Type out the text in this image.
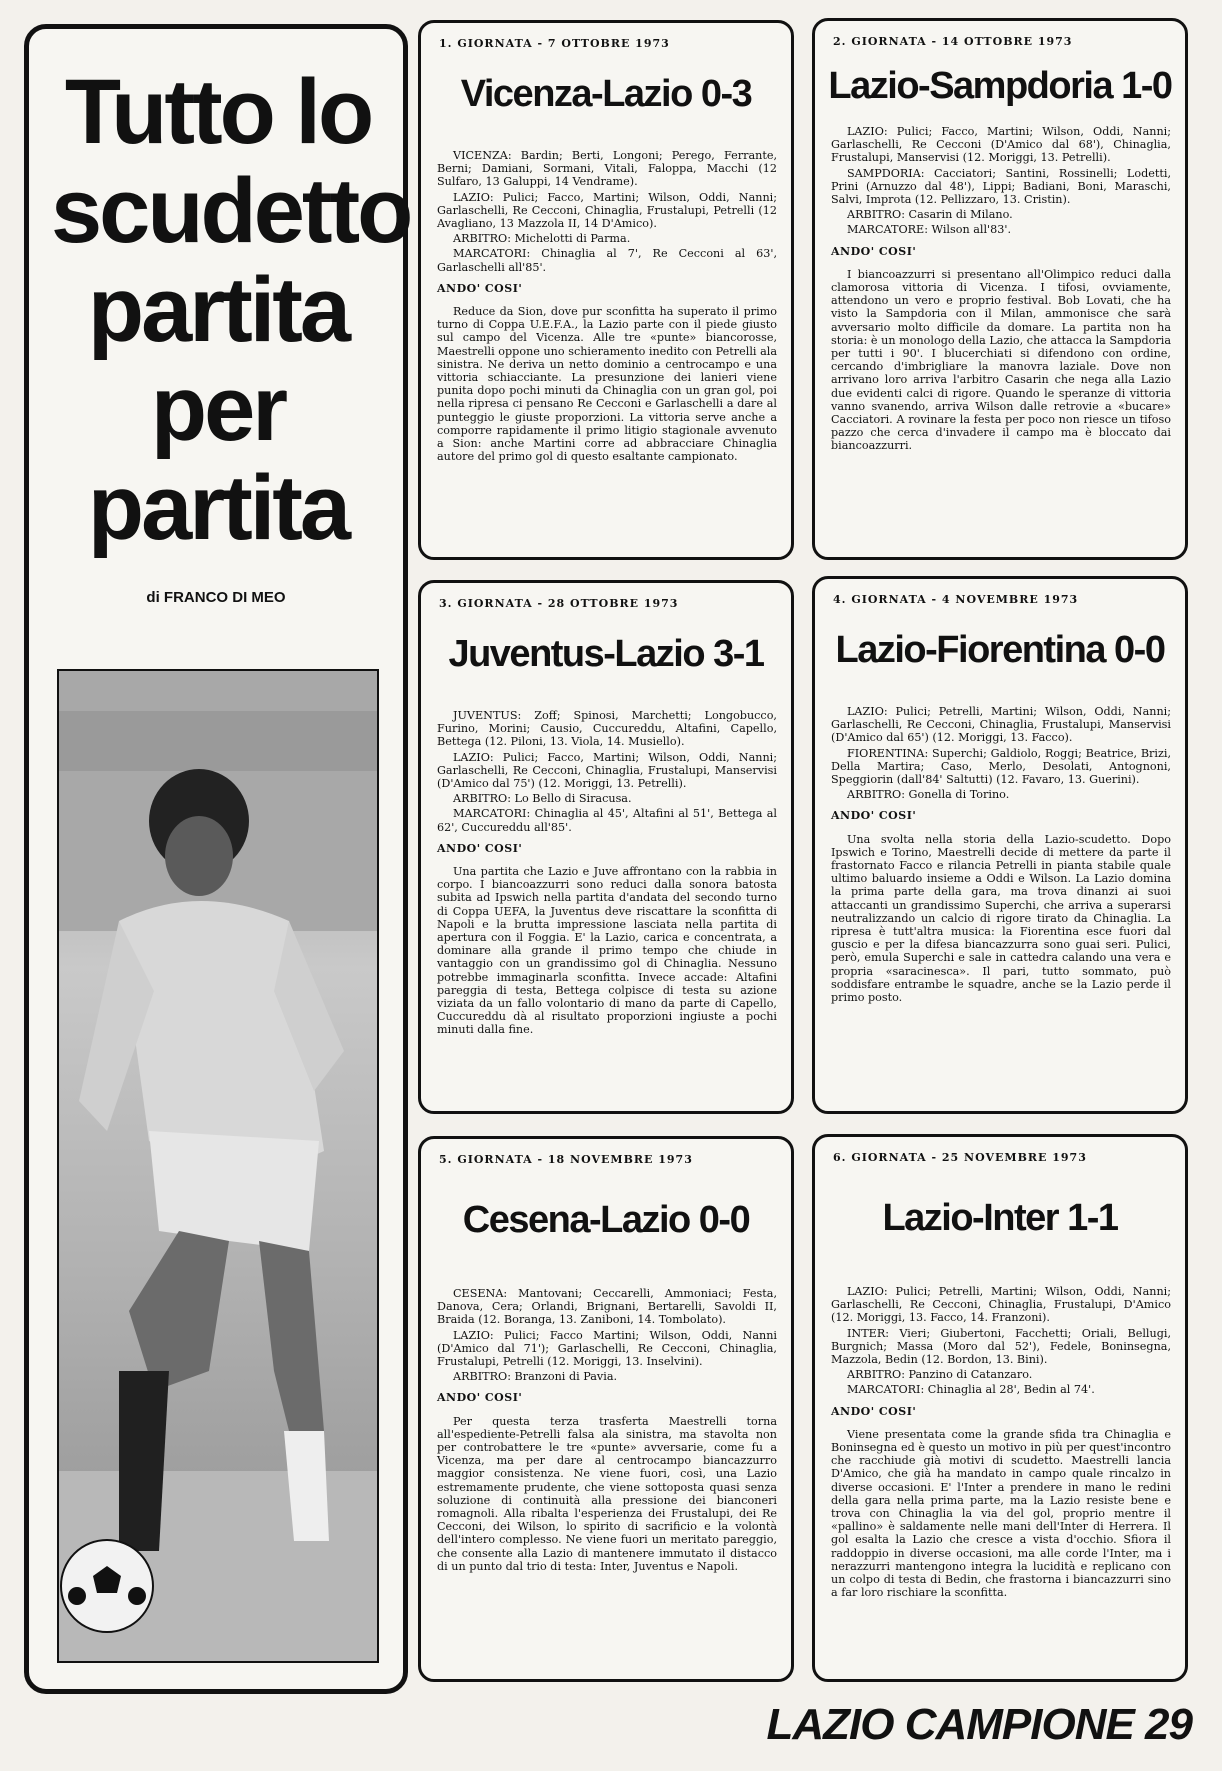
Tutto lo
scudetto
partita
per
partita
di FRANCO DI MEO
1. GIORNATA - 7 OTTOBRE 1973
Vicenza-Lazio 0-3

VICENZA: Bardin; Berti, Longoni; Perego, Ferrante, Berni; Damiani, Sormani, Vitali, Faloppa, Macchi (12 Sulfaro, 13 Galuppi, 14 Vendrame).

LAZIO: Pulici; Facco, Martini; Wilson, Oddi, Nanni; Garlaschelli, Re Cecconi, Chinaglia, Frustalupi, Petrelli (12 Avagliano, 13 Mazzola II, 14 D'Amico).

ARBITRO: Michelotti di Parma.

MARCATORI: Chinaglia al 7', Re Cecconi al 63', Garlaschelli all'85'.

ANDO' COSI'

Reduce da Sion, dove pur sconfitta ha superato il primo turno di Coppa U.E.F.A., la Lazio parte con il piede giusto sul campo del Vicenza. Alle tre «punte» biancorosse, Maestrelli oppone uno schieramento inedito con Petrelli ala sinistra. Ne deriva un netto dominio a centrocampo e una vittoria schiacciante. La presunzione dei lanieri viene punita dopo pochi minuti da Chinaglia con un gran gol, poi nella ripresa ci pensano Re Cecconi e Garlaschelli a dare al punteggio le giuste proporzioni. La vittoria serve anche a comporre rapidamente il primo litigio stagionale avvenuto a Sion: anche Martini corre ad abbracciare Chinaglia autore del primo gol di questo esaltante campionato.

2. GIORNATA - 14 OTTOBRE 1973
Lazio-Sampdoria 1-0

LAZIO: Pulici; Facco, Martini; Wilson, Oddi, Nanni; Garlaschelli, Re Cecconi (D'Amico dal 68'), Chinaglia, Frustalupi, Manservisi (12. Moriggi, 13. Petrelli).

SAMPDORIA: Cacciatori; Santini, Rossinelli; Lodetti, Prini (Arnuzzo dal 48'), Lippi; Badiani, Boni, Maraschi, Salvi, Improta (12. Pellizzaro, 13. Cristin).

ARBITRO: Casarin di Milano.

MARCATORE: Wilson all'83'.

ANDO' COSI'

I biancoazzurri si presentano all'Olimpico reduci dalla clamorosa vittoria di Vicenza. I tifosi, ovviamente, attendono un vero e proprio festival. Bob Lovati, che ha visto la Sampdoria con il Milan, ammonisce che sarà avversario molto difficile da domare. La partita non ha storia: è un monologo della Lazio, che attacca la Sampdoria per tutti i 90'. I blucerchiati si difendono con ordine, cercando d'imbrigliare la manovra laziale. Dove non arrivano loro arriva l'arbitro Casarin che nega alla Lazio due evidenti calci di rigore. Quando le speranze di vittoria vanno svanendo, arriva Wilson dalle retrovie a «bucare» Cacciatori. A rovinare la festa per poco non riesce un tifoso pazzo che cerca d'invadere il campo ma è bloccato dai biancoazzurri.

3. GIORNATA - 28 OTTOBRE 1973
Juventus-Lazio 3-1

JUVENTUS: Zoff; Spinosi, Marchetti; Longobucco, Furino, Morini; Causio, Cuccureddu, Altafini, Capello, Bettega (12. Piloni, 13. Viola, 14. Musiello).

LAZIO: Pulici; Facco, Martini; Wilson, Oddi, Nanni; Garlaschelli, Re Cecconi, Chinaglia, Frustalupi, Manservisi (D'Amico dal 75') (12. Moriggi, 13. Petrelli).

ARBITRO: Lo Bello di Siracusa.

MARCATORI: Chinaglia al 45', Altafini al 51', Bettega al 62', Cuccureddu all'85'.

ANDO' COSI'

Una partita che Lazio e Juve affrontano con la rabbia in corpo. I biancoazzurri sono reduci dalla sonora batosta subita ad Ipswich nella partita d'andata del secondo turno di Coppa UEFA, la Juventus deve riscattare la sconfitta di Napoli e la brutta impressione lasciata nella partita di apertura con il Foggia. E' la Lazio, carica e concentrata, a dominare alla grande il primo tempo che chiude in vantaggio con un grandissimo gol di Chinaglia. Nessuno potrebbe immaginarla sconfitta. Invece accade: Altafini pareggia di testa, Bettega colpisce di testa su azione viziata da un fallo volontario di mano da parte di Capello, Cuccureddu dà al risultato proporzioni ingiuste a pochi minuti dalla fine.

4. GIORNATA - 4 NOVEMBRE 1973
Lazio-Fiorentina 0-0

LAZIO: Pulici; Petrelli, Martini; Wilson, Oddi, Nanni; Garlaschelli, Re Cecconi, Chinaglia, Frustalupi, Manservisi (D'Amico dal 65') (12. Moriggi, 13. Facco).

FIORENTINA: Superchi; Galdiolo, Roggi; Beatrice, Brizi, Della Martira; Caso, Merlo, Desolati, Antognoni, Speggiorin (dall'84' Saltutti) (12. Favaro, 13. Guerini).

ARBITRO: Gonella di Torino.

ANDO' COSI'

Una svolta nella storia della Lazio-scudetto. Dopo Ipswich e Torino, Maestrelli decide di mettere da parte il frastornato Facco e rilancia Petrelli in pianta stabile quale ultimo baluardo insieme a Oddi e Wilson. La Lazio domina la prima parte della gara, ma trova dinanzi ai suoi attaccanti un grandissimo Superchi, che arriva a superarsi neutralizzando un calcio di rigore tirato da Chinaglia. La ripresa è tutt'altra musica: la Fiorentina esce fuori dal guscio e per la difesa biancazzurra sono guai seri. Pulici, però, emula Superchi e sale in cattedra calando una vera e propria «saracinesca». Il pari, tutto sommato, può soddisfare entrambe le squadre, anche se la Lazio perde il primo posto.

5. GIORNATA - 18 NOVEMBRE 1973
Cesena-Lazio 0-0

CESENA: Mantovani; Ceccarelli, Ammoniaci; Festa, Danova, Cera; Orlandi, Brignani, Bertarelli, Savoldi II, Braida (12. Boranga, 13. Zaniboni, 14. Tombolato).

LAZIO: Pulici; Facco Martini; Wilson, Oddi, Nanni (D'Amico dal 71'); Garlaschelli, Re Cecconi, Chinaglia, Frustalupi, Petrelli (12. Moriggi, 13. Inselvini).

ARBITRO: Branzoni di Pavia.

ANDO' COSI'

Per questa terza trasferta Maestrelli torna all'espediente-Petrelli falsa ala sinistra, ma stavolta non per controbattere le tre «punte» avversarie, come fu a Vicenza, ma per dare al centrocampo biancazzurro maggior consistenza. Ne viene fuori, così, una Lazio estremamente prudente, che viene sottoposta quasi senza soluzione di continuità alla pressione dei bianconeri romagnoli. Alla ribalta l'esperienza dei Frustalupi, dei Re Cecconi, dei Wilson, lo spirito di sacrificio e la volontà dell'intero complesso. Ne viene fuori un meritato pareggio, che consente alla Lazio di mantenere immutato il distacco di un punto dal trio di testa: Inter, Juventus e Napoli.

6. GIORNATA - 25 NOVEMBRE 1973
Lazio-Inter 1-1

LAZIO: Pulici; Petrelli, Martini; Wilson, Oddi, Nanni; Garlaschelli, Re Cecconi, Chinaglia, Frustalupi, D'Amico (12. Moriggi, 13. Facco, 14. Franzoni).

INTER: Vieri; Giubertoni, Facchetti; Oriali, Bellugi, Burgnich; Massa (Moro dal 52'), Fedele, Boninsegna, Mazzola, Bedin (12. Bordon, 13. Bini).

ARBITRO: Panzino di Catanzaro.

MARCATORI: Chinaglia al 28', Bedin al 74'.

ANDO' COSI'

Viene presentata come la grande sfida tra Chinaglia e Boninsegna ed è questo un motivo in più per quest'incontro che racchiude già motivi di scudetto. Maestrelli lancia D'Amico, che già ha mandato in campo quale rincalzo in diverse occasioni. E' l'Inter a prendere in mano le redini della gara nella prima parte, ma la Lazio resiste bene e trova con Chinaglia la via del gol, proprio mentre il «pallino» è saldamente nelle mani dell'Inter di Herrera. Il gol esalta la Lazio che cresce a vista d'occhio. Sfiora il raddoppio in diverse occasioni, ma alle corde l'Inter, ma i nerazzurri mantengono integra la lucidità e replicano con un colpo di testa di Bedin, che frastorna i biancazzurri sino a far loro rischiare la sconfitta.

LAZIO CAMPIONE 29
